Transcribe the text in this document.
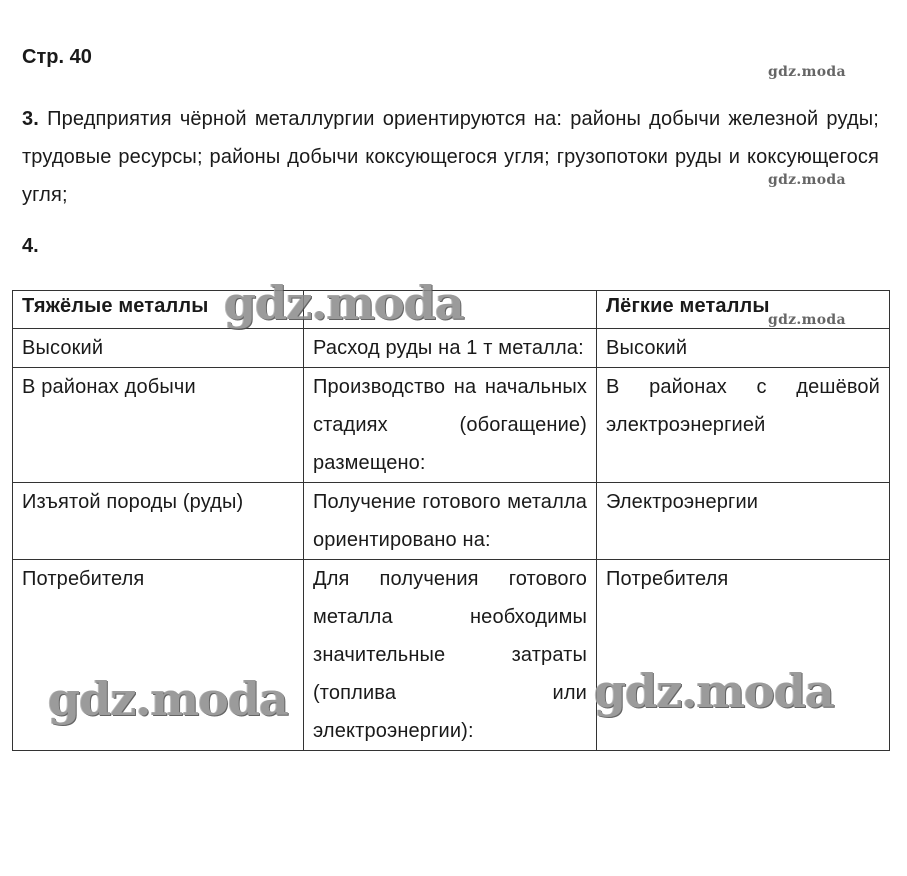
Стр. 40
gdz.moda
3. Предприятия чёрной металлургии ориентируются на: районы добычи железной руды; трудовые ресурсы; районы добычи коксующегося угля; грузопотоки руды и коксующегося угля;
gdz.moda
4.
Тяжёлые металлы		Лёгкие металлы
Высокий	Расход руды на 1 т металла:	Высокий
В районах добычи	Производство на начальных стадиях (обогащение) размещено:	В районах с дешёвой электроэнергией
Изъятой породы (руды)	Получение готового металла ориентировано на:	Электроэнергии
Потребителя	Для получения готового металла необходимы значительные затраты (топлива или электроэнергии):	Потребителя
gdz.moda	gdz.moda
gdz.moda	gdz.moda
